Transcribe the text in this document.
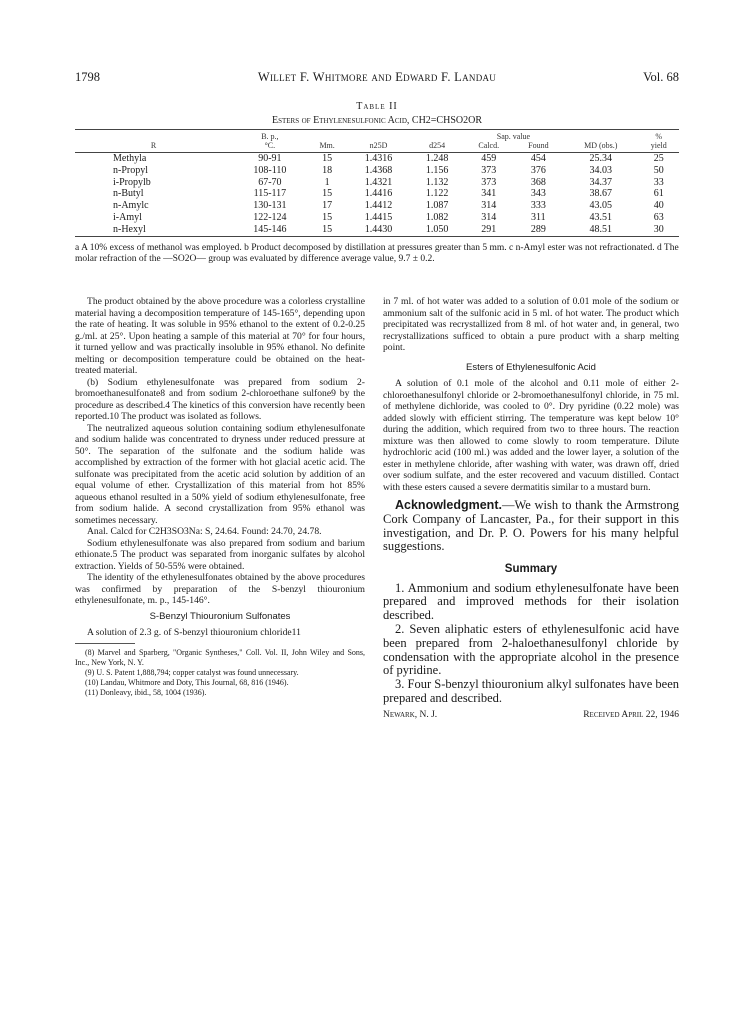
1798	Willet F. Whitmore and Edward F. Landau	Vol. 68
Table II
Esters of Ethylenesulfonic Acid, CH2=CHSO2OR
	B. p.,				Sap. value			%
R	°C.	Mm.	n25D	d254	Calcd.	Found	MD (obs.)	yield
Methyla	90-91	15	1.4316	1.248	459	454	25.34	25
n-Propyl	108-110	18	1.4368	1.156	373	376	34.03	50
i-Propylb	67-70	1	1.4321	1.132	373	368	34.37	33
n-Butyl	115-117	15	1.4416	1.122	341	343	38.67	61
n-Amylc	130-131	17	1.4412	1.087	314	333	43.05	40
i-Amyl	122-124	15	1.4415	1.082	314	311	43.51	63
n-Hexyl	145-146	15	1.4430	1.050	291	289	48.51	30
a A 10% excess of methanol was employed. b Product decomposed by distillation at pressures greater than 5 mm. c n-Amyl ester was not refractionated. d The molar refraction of the —SO2O— group was evaluated by difference average value, 9.7 ± 0.2.

The product obtained by the above procedure was a colorless crystalline material having a decomposition temperature of 145-165°, depending upon the rate of heating. It was soluble in 95% ethanol to the extent of 0.2-0.25 g./ml. at 25°. Upon heating a sample of this material at 70° for four hours, it turned yellow and was practically insoluble in 95% ethanol. No definite melting or decomposition temperature could be obtained on the heat-treated material.

(b) Sodium ethylenesulfonate was prepared from sodium 2-bromoethanesulfonate8 and from sodium 2-chloroethane sulfone9 by the procedure as described.4 The kinetics of this conversion have recently been reported.10 The product was isolated as follows.

The neutralized aqueous solution containing sodium ethylenesulfonate and sodium halide was concentrated to dryness under reduced pressure at 50°. The separation of the sulfonate and the sodium halide was accomplished by extraction of the former with hot glacial acetic acid. The sulfonate was precipitated from the acetic acid solution by addition of an equal volume of ether. Crystallization of this material from hot 85% aqueous ethanol resulted in a 50% yield of sodium ethylenesulfonate, free from sodium halide. A second crystallization from 95% ethanol was sometimes necessary.

Anal. Calcd for C2H3SO3Na: S, 24.64. Found: 24.70, 24.78.

Sodium ethylenesulfonate was also prepared from sodium and barium ethionate.5 The product was separated from inorganic sulfates by alcohol extraction. Yields of 50-55% were obtained.

The identity of the ethylenesulfonates obtained by the above procedures was confirmed by preparation of the S-benzyl thiouronium ethylenesulfonate, m. p., 145-146°.

S-Benzyl Thiouronium Sulfonates

A solution of 2.3 g. of S-benzyl thiouronium chloride11

(8) Marvel and Sparberg, "Organic Syntheses," Coll. Vol. II, John Wiley and Sons, Inc., New York, N. Y.

(9) U. S. Patent 1,888,794; copper catalyst was found unnecessary.

(10) Landau, Whitmore and Doty, This Journal, 68, 816 (1946).

(11) Donleavy, ibid., 58, 1004 (1936).

in 7 ml. of hot water was added to a solution of 0.01 mole of the sodium or ammonium salt of the sulfonic acid in 5 ml. of hot water. The product which precipitated was recrystallized from 8 ml. of hot water and, in general, two recrystallizations sufficed to obtain a pure product with a sharp melting point.

Esters of Ethylenesulfonic Acid

A solution of 0.1 mole of the alcohol and 0.11 mole of either 2-chloroethanesulfonyl chloride or 2-bromoethanesulfonyl chloride, in 75 ml. of methylene dichloride, was cooled to 0°. Dry pyridine (0.22 mole) was added slowly with efficient stirring. The temperature was kept below 10° during the addition, which required from two to three hours. The reaction mixture was then allowed to come slowly to room temperature. Dilute hydrochloric acid (100 ml.) was added and the lower layer, a solution of the ester in methylene chloride, after washing with water, was drawn off, dried over sodium sulfate, and the ester recovered and vacuum distilled. Contact with these esters caused a severe dermatitis similar to a mustard burn.

Acknowledgment.—We wish to thank the Armstrong Cork Company of Lancaster, Pa., for their support in this investigation, and Dr. P. O. Powers for his many helpful suggestions.

Summary

1. Ammonium and sodium ethylenesulfonate have been prepared and improved methods for their isolation described.

2. Seven aliphatic esters of ethylenesulfonic acid have been prepared from 2-haloethanesulfonyl chloride by condensation with the appropriate alcohol in the presence of pyridine.

3. Four S-benzyl thiouronium alkyl sulfonates have been prepared and described.

Newark, N. J.	Received April 22, 1946
